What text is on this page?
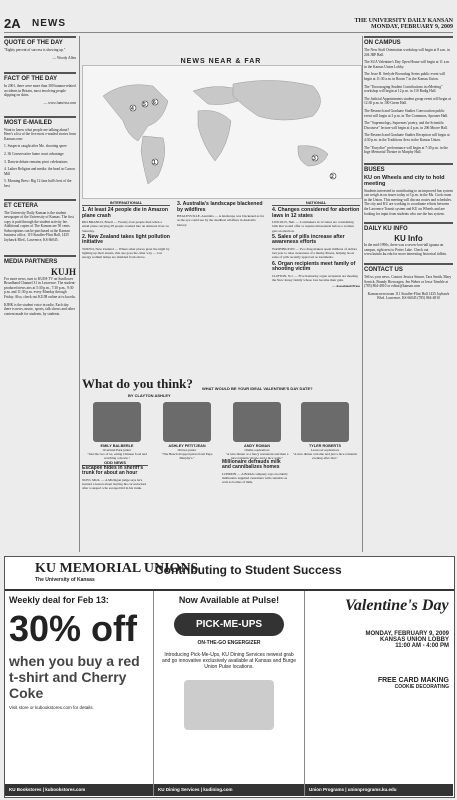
2A NEWS	THE UNIVERSITY DAILY KANSAN
MONDAY, FEBRUARY 9, 2009
QUOTE OF THE DAY

"Eighty percent of success is showing up."

— Woody Allen

FACT OF THE DAY

In 2001, there were more than 300 banana-related accidents in Britain, most involving people slipping on skins.

— www.funtrivia.com

MOST E-MAILED

Want to know what people are talking about? Here's a list of the five most e-mailed stories from Kansan.com:

1. Suspects caught after Mo. shooting spree

2. 36 Conservative home court advantage

3. Darwin debate remains pivot celebrations

4. Lather Religion and media: the bead in Carson Mill

5. Morning Brew: Big 12 fans ball's best of the best

ET CETERA

The University Daily Kansan is the student newspaper of the University of Kansas. The first copy is paid through the student activity fee. Additional copies of The Kansan are 50 cents. Subscriptions can be purchased at the Kansan business office, 119 Stauffer-Flint Hall, 1435 Jayhawk Blvd., Lawrence, KS 66045.

MEDIA PARTNERS
KUJH

For more news, turn to KUJH-TV on Sunflower Broadband Channel 31 in Lawrence. The student-produced news airs at 5:30 p.m., 7:30 p.m., 9:30 p.m. and 11:30 p.m. every Monday through Friday. Also, check out KUJH online at tv.ku.edu.

KJHK is the student voice in radio. Each day there is news, music, sports, talk shows and other content made for students, by students.

NEWS NEAR & FAR
1
2
3
4
5 6
INTERNATIONAL
1. At least 24 people die in Amazon plane crash

RIO BRANCO, Brazil — Twenty-four people died when a small plane carrying 28 people crashed into an Amazon river on Saturday.

2. New Zealand takes light pollution initiative

TOKYO, New Zealand — Where other places greet the night by lighting up their streets, this one goes the other way — low energy sodium lamps are shielded from above.

3. Australia's landscape blackened by wildfires

HEALESVILLE, Australia — A landscape was blackened as far as the eye could see by the deadliest wildfires in Australia history.

NATIONAL
4. Changes considered for abortion laws in 12 states

LINCOLN, Neb. — Lawmakers in 12 states are considering bills that would offer or require ultrasounds before a woman gets an abortion.

5. Sales of pills increase after awareness efforts

WASHINGTON — Two drug makers spent millions of dollars last year to raise awareness of a murky illness, helping boost sales of pills recently approved as treatments.

6. Organ recipients meet family of shooting victim

CLIFTON, N.J. — Five Kentucky organ recipients are meeting the New Jersey family whose loss became their gain.

— Associated Press

What do you think? WHAT WOULD BE YOUR IDEAL VALENTINE'S DAY DATE?
BY CLAYTON ASHLEY
EMILY BALBERLE
Overland Park junior
"Just the two of us, eating Chinese food and watching a movie."
ASHLEY PETITJEAN
Ottawa junior
"The Beach dropped pizza from Papa Murphy's."
ANDY ROMAN
Olathe sophomore
"A nice dinner at a fancy restaurant and then a nice romantic movie and a nice walk."
TYLER ROBERTS
Leawood sophomore
"A nice dinner at home and just a nice romantic evening after that."
ODD NEWS
Escapee hides in sheriff's trunk for about an hour

NOVI, Mich. — A Michigan judge says he's learned a lesson about leaving his car unlocked after a suspect who escaped hid in his trunk.

Millionaire defrauds milk and cannibalizes homes

LONDON — A British company says an elderly millionaire supplied customers with cannabis as well as bottles of milk.

ON CAMPUS

The New Staff Orientation workshop will begin at 8 a.m. in 204 JRP Hall.

The SUA Valentine's Day Open House will begin at 11 a.m. in the Kansas Union Lobby.

The Jesse B. Seelyde Brownbag Series public event will begin at 11:30 a.m. in Room 7 in the Kansas Union.

The "Encouraging Student Contributions in eMeeting" workshop will begin at 12 p.m. in 110 Budig Hall.

The Judicial Appointments student group event will begin at 12:30 p.m. in 100 Green Hall.

The Research and Graduate Studies Convocation public event will begin at 3 p.m. in The Commons, Spooner Hall.

The "Supremelogs, Supremes' poetry, and the Scientific Discourse" lecture will begin at 4 p.m. in 206 Moore Hall.

The Research and Graduate Studies Reception will begin at 4:30 p.m. in the Traditions Area in the Kansas Union.

The "Eurydice" performance will begin at 7:30 p.m. in the Inge Memorial Theatre in Murphy Hall.

BUSES
KU on Wheels and city to hold meeting

Students interested in contributing to an improved bus system can weigh in on issues today at 3 p.m. in the Ms. Cook room in the Union. This meeting will discuss routes and schedules. The city and KU are working to coordinate efforts between the Lawrence Transit system and KU on Wheels and are looking for input from students who use the bus system.

DAILY KU INFO
KU Info

In the mid-1990s, there was a seven-foot-tall iguana on campus, right next to Potter Lake. Check out www.kuinfo.ku.edu for more interesting historical tidbits.

CONTACT US

Tell us your news. Contact Jessica Simser, Tara Smith, Mary Sorrick, Brandy Bierwagen, Jen Weber or Jesse Trimble at (785) 864-4810 or editor@kansan.com

Kansan newsroom 111 Stauffer-Flint Hall 1435 Jayhawk Blvd. Lawrence, KS 66045 (785) 864-4810

KU MEMORIAL UNIONS
The University of Kansas
Contributing to Student Success
Weekly deal for Feb 13:
30% off
when you buy a red t-shirt and Cherry Coke
Visit store or kubookstores.com for details.
KU Bookstores | kubookstores.com
Now Available at Pulse!
PICK-ME-UPS
ON-THE-GO ENGERGIZER
Introducing Pick-Me-Ups, KU Dining Services newest grab and go innovative exclusively available at Kansas and Burge Union Pulse locations.
KU Dining Services | kudining.com
Valentine's Day
MONDAY, FEBRUARY 9, 2009
KANSAS UNION LOBBY
11:00 AM - 4:00 PM
FREE CARD MAKING
COOKIE DECORATING
Union Programs | unionprograms.ku.edu
